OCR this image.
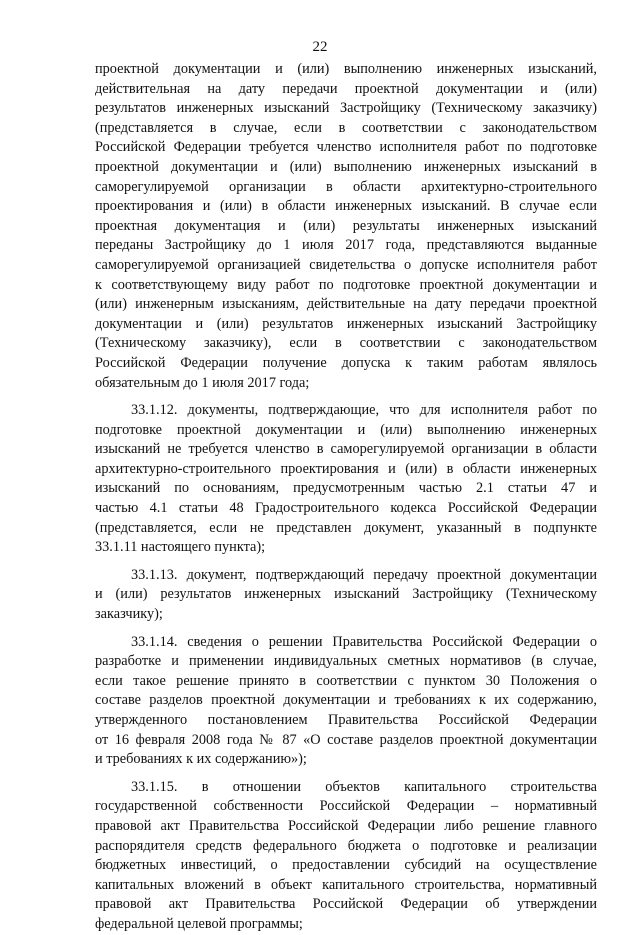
22
проектной документации и (или) выполнению инженерных изысканий,
действительная на дату передачи проектной документации и (или)
результатов инженерных изысканий Застройщику (Техническому заказчику)
(представляется в случае, если в соответствии с законодательством
Российской Федерации требуется членство исполнителя работ по подготовке
проектной документации и (или) выполнению инженерных изысканий в
саморегулируемой организации в области архитектурно-строительного
проектирования и (или) в области инженерных изысканий. В случае если
проектная документация и (или) результаты инженерных изысканий
переданы Застройщику до 1 июля 2017 года, представляются выданные
саморегулируемой организацией свидетельства о допуске исполнителя работ
к соответствующему виду работ по подготовке проектной документации и
(или) инженерным изысканиям, действительные на дату передачи проектной
документации и (или) результатов инженерных изысканий Застройщику
(Техническому заказчику), если в соответствии с законодательством
Российской Федерации получение допуска к таким работам являлось
обязательным до 1 июля 2017 года;
33.1.12. документы, подтверждающие, что для исполнителя работ по
подготовке проектной документации и (или) выполнению инженерных
изысканий не требуется членство в саморегулируемой организации в области
архитектурно-строительного проектирования и (или) в области инженерных
изысканий по основаниям, предусмотренным частью 2.1 статьи 47 и
частью 4.1 статьи 48 Градостроительного кодекса Российской Федерации
(представляется, если не представлен документ, указанный в подпункте
33.1.11 настоящего пункта);
33.1.13. документ, подтверждающий передачу проектной документации
и (или) результатов инженерных изысканий Застройщику (Техническому
заказчику);
33.1.14. сведения о решении Правительства Российской Федерации о
разработке и применении индивидуальных сметных нормативов (в случае,
если такое решение принято в соответствии с пунктом 30 Положения о
составе разделов проектной документации и требованиях к их содержанию,
утвержденного постановлением Правительства Российской Федерации
от 16 февраля 2008 года № 87 «О составе разделов проектной документации
и требованиях к их содержанию»);
33.1.15. в отношении объектов капитального строительства
государственной собственности Российской Федерации – нормативный
правовой акт Правительства Российской Федерации либо решение главного
распорядителя средств федерального бюджета о подготовке и реализации
бюджетных инвестиций, о предоставлении субсидий на осуществление
капитальных вложений в объект капитального строительства, нормативный
правовой акт Правительства Российской Федерации об утверждении
федеральной целевой программы;
